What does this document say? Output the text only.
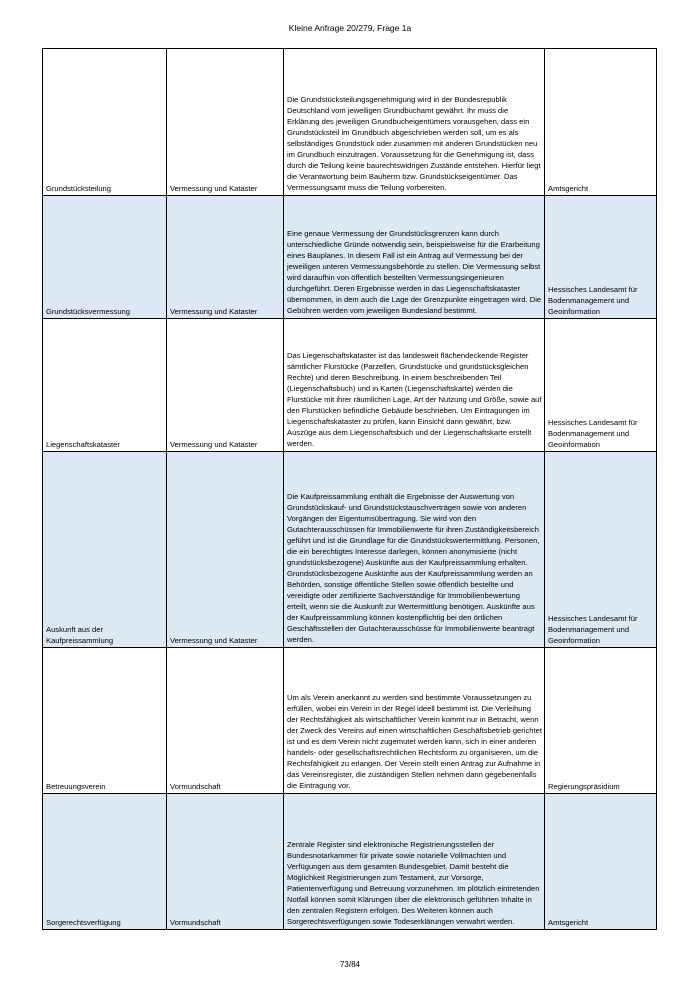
Kleine Anfrage 20/279, Frage 1a
Grundstücksteilung	Vermessung und Kataster	Die Grundstücksteilungsgenehmigung wird in der Bundesrepublik Deutschland vom jeweiligen Grundbuchamt gewährt. Ihr muss die Erklärung des jeweiligen Grundbucheigentümers vorausgehen, dass ein Grundstücksteil im Grundbuch abgeschrieben werden soll, um es als selbständiges Grundstück oder zusammen mit anderen Grundstücken neu im Grundbuch einzutragen. Voraussetzung für die Genehmigung ist, dass durch die Teilung keine baurechtswidrigen Zustände entstehen. Hierfür liegt die Verantwortung beim Bauherrn bzw. Grundstückseigentümer. Das Vermessungsamt muss die Teilung vorbereiten.	Amtsgericht
Grundstücksvermessung	Vermessung und Kataster	Eine genaue Vermessung der Grundstücksgrenzen kann durch unterschiedliche Gründe notwendig sein, beispielsweise für die Erarbeitung eines Bauplanes. In diesem Fall ist ein Antrag auf Vermessung bei der jeweiligen unteren Vermessungsbehörde zu stellen. Die Vermessung selbst wird daraufhin von öffentlich bestellten Vermessungsingenieuren durchgeführt. Deren Ergebnisse werden in das Liegenschaftskataster übernommen, in dem auch die Lage der Grenzpunkte eingetragen wird. Die Gebühren werden vom jeweiligen Bundesland bestimmt.	Hessisches Landesamt für Bodenmanagement und Geoinformation
Liegenschaftskataster	Vermessung und Kataster	Das Liegenschaftskataster ist das landesweit flächendeckende Register sämtlicher Flurstücke (Parzellen, Grundstücke und grundstücksgleichen Rechte) und deren Beschreibung. In einem beschreibenden Teil (Liegenschaftsbuch) und in Karten (Liegenschaftskarte) werden die Flurstücke mit ihrer räumlichen Lage, Art der Nutzung und Größe, sowie auf den Flurstücken befindliche Gebäude beschrieben. Um Eintragungen im Liegenschaftskataster zu prüfen, kann Einsicht darin gewährt, bzw. Auszüge aus dem Liegenschaftsbuch und der Liegenschaftskarte erstellt werden.	Hessisches Landesamt für Bodenmanagement und Geoinformation
Auskunft aus der Kaufpreissammlung	Vermessung und Kataster	Die Kaufpreissammlung enthält die Ergebnisse der Auswertung von Grundstückskauf- und Grundstückstauschverträgen sowie von anderen Vorgängen der Eigentumsübertragung. Sie wird von den Gutachterausschüssen für Immobilienwerte für ihren Zuständigkeitsbereich geführt und ist die Grundlage für die Grundstückswertermittlung. Personen, die ein berechtigtes Interesse darlegen, können anonymisierte (nicht grundstücksbezogene) Auskünfte aus der Kaufpreissammlung erhalten. Grundstücksbezogene Auskünfte aus der Kaufpreissammlung werden an Behörden, sonstige öffentliche Stellen sowie öffentlich bestellte und vereidigte oder zertifizierte Sachverständige für Immobilienbewertung erteilt, wenn sie die Auskunft zur Wertermittlung benötigen. Auskünfte aus der Kaufpreissammlung können kostenpflichtig bei den örtlichen Geschäftsstellen der Gutachterausschüsse für Immobilienwerte beantragt werden.	Hessisches Landesamt für Bodenmanagement und Geoinformation
Betreuungsverein	Vormundschaft	Um als Verein anerkannt zu werden sind bestimmte Voraussetzungen zu erfüllen, wobei ein Verein in der Regel ideell bestimmt ist. Die Verleihung der Rechtsfähigkeit als wirtschaftlicher Verein kommt nur in Betracht, wenn der Zweck des Vereins auf einen wirtschaftlichen Geschäftsbetrieb gerichtet ist und es dem Verein nicht zugemutet werden kann, sich in einer anderen handels- oder gesellschaftsrechtlichen Rechtsform zu organisieren, um die Rechtsfähigkeit zu erlangen. Der Verein stellt einen Antrag zur Aufnahme in das Vereinsregister, die zuständigen Stellen nehmen dann gegebenenfalls die Eintragung vor.	Regierungspräsidium
Sorgerechtsverfügung	Vormundschaft	Zentrale Register sind elektronische Registrierungsstellen der Bundesnotarkammer für private sowie notarielle Vollmachten und Verfügungen aus dem gesamten Bundesgebiet. Damit besteht die Möglichkeit Registrierungen zum Testament, zur Vorsorge, Patientenverfügung und Betreuung vorzunehmen. Im plötzlich eintretenden Notfall können somit Klärungen über die elektronisch geführten Inhalte in den zentralen Registern erfolgen. Des Weiteren können auch Sorgerechtsverfügungen sowie Todeserklärungen verwahrt werden.	Amtsgericht
73/84
